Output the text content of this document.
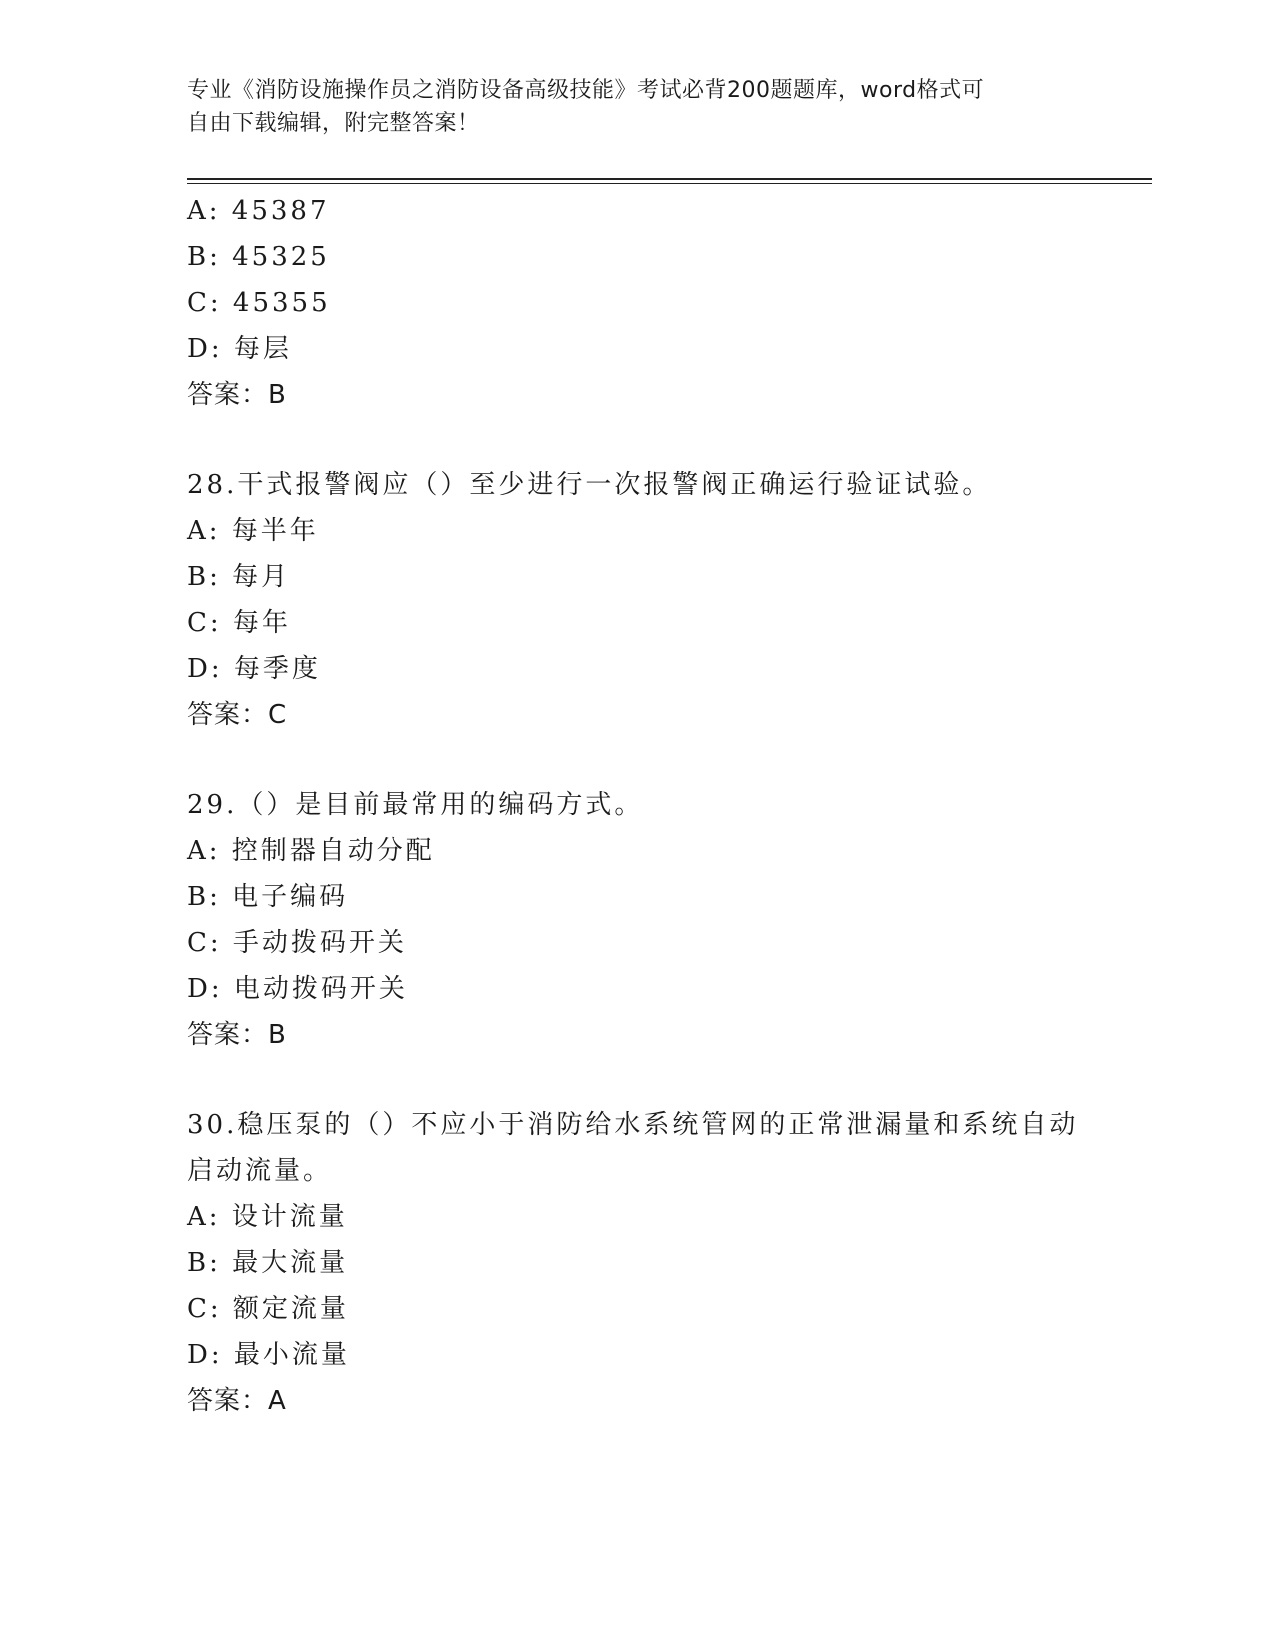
专业《消防设施操作员之消防设备高级技能》考试必背200题题库，word格式可
自由下载编辑，附完整答案！
A: 45387
B: 45325
C: 45355
D: 每层
答案：B
28.干式报警阀应（）至少进行一次报警阀正确运行验证试验。
A: 每半年
B: 每月
C: 每年
D: 每季度
答案：C
29.（）是目前最常用的编码方式。
A: 控制器自动分配
B: 电子编码
C: 手动拨码开关
D: 电动拨码开关
答案：B
30.稳压泵的（）不应小于消防给水系统管网的正常泄漏量和系统自动
启动流量。
A: 设计流量
B: 最大流量
C: 额定流量
D: 最小流量
答案：A
